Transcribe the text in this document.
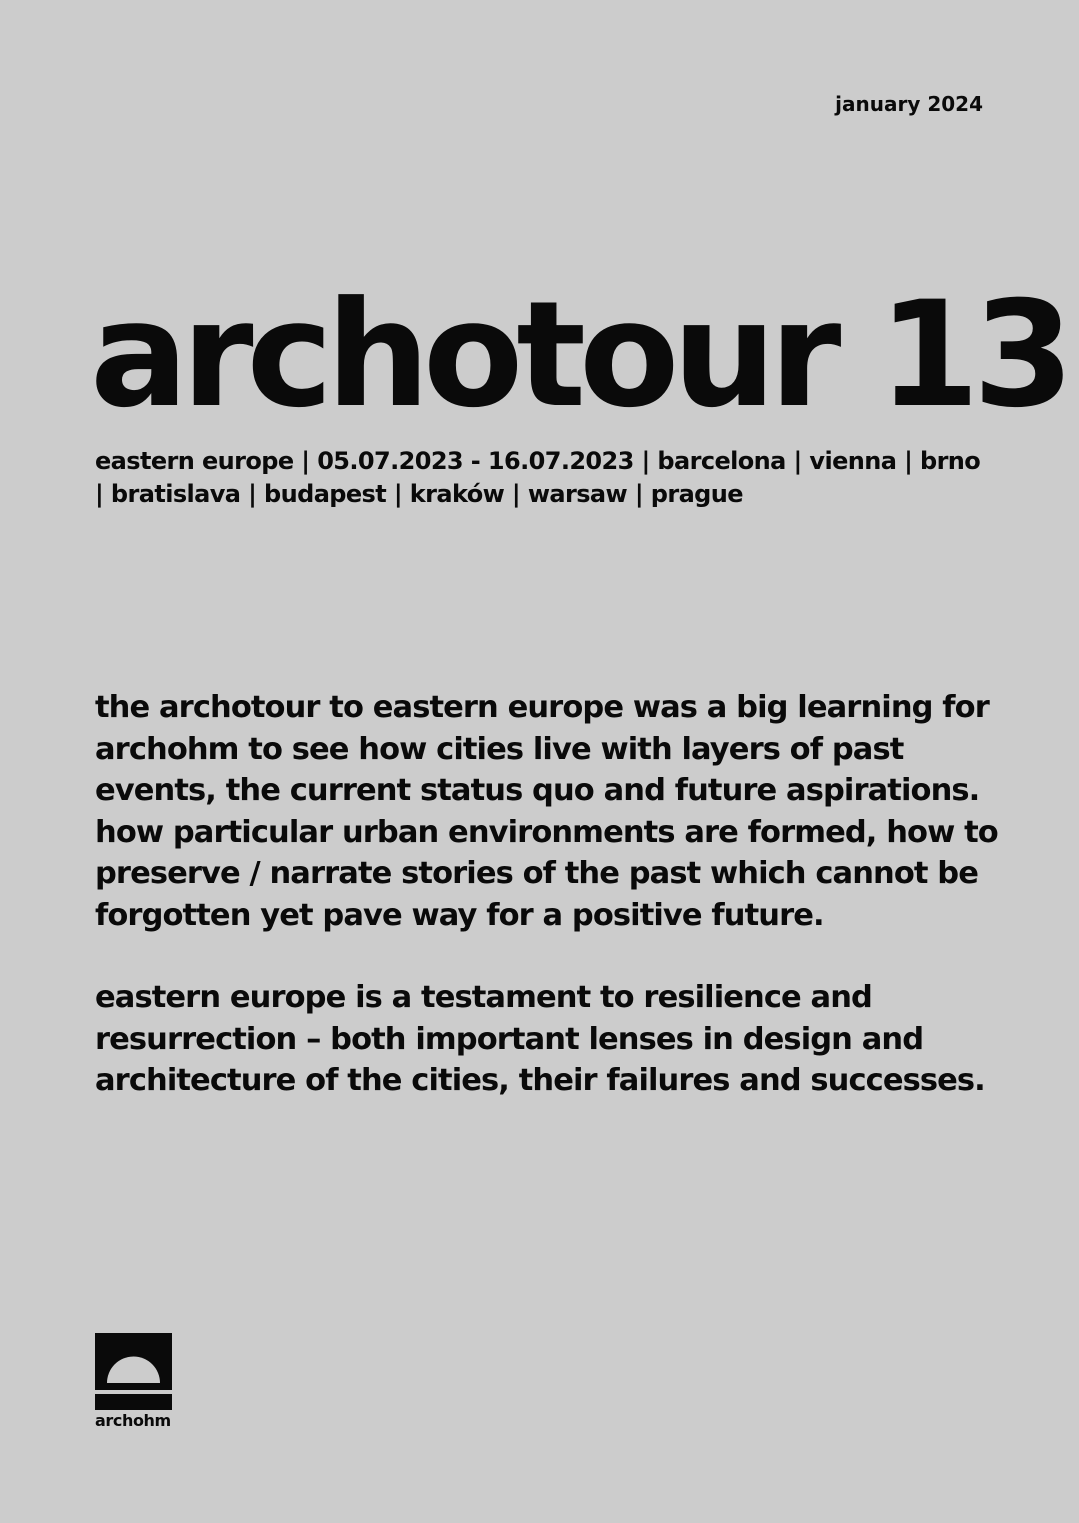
january 2024
archotour 13

eastern europe | 05.07.2023 - 16.07.2023 | barcelona | vienna | brno | bratislava | budapest | kraków | warsaw | prague

the archotour to eastern europe was a big learning for archohm to see how cities live with layers of past events, the current status quo and future aspirations. how particular urban environments are formed, how to preserve / narrate stories of the past which cannot be forgotten yet pave way for a positive future.

eastern europe is a testament to resilience and resurrection – both important lenses in design and architecture of the cities, their failures and successes.

archohm
